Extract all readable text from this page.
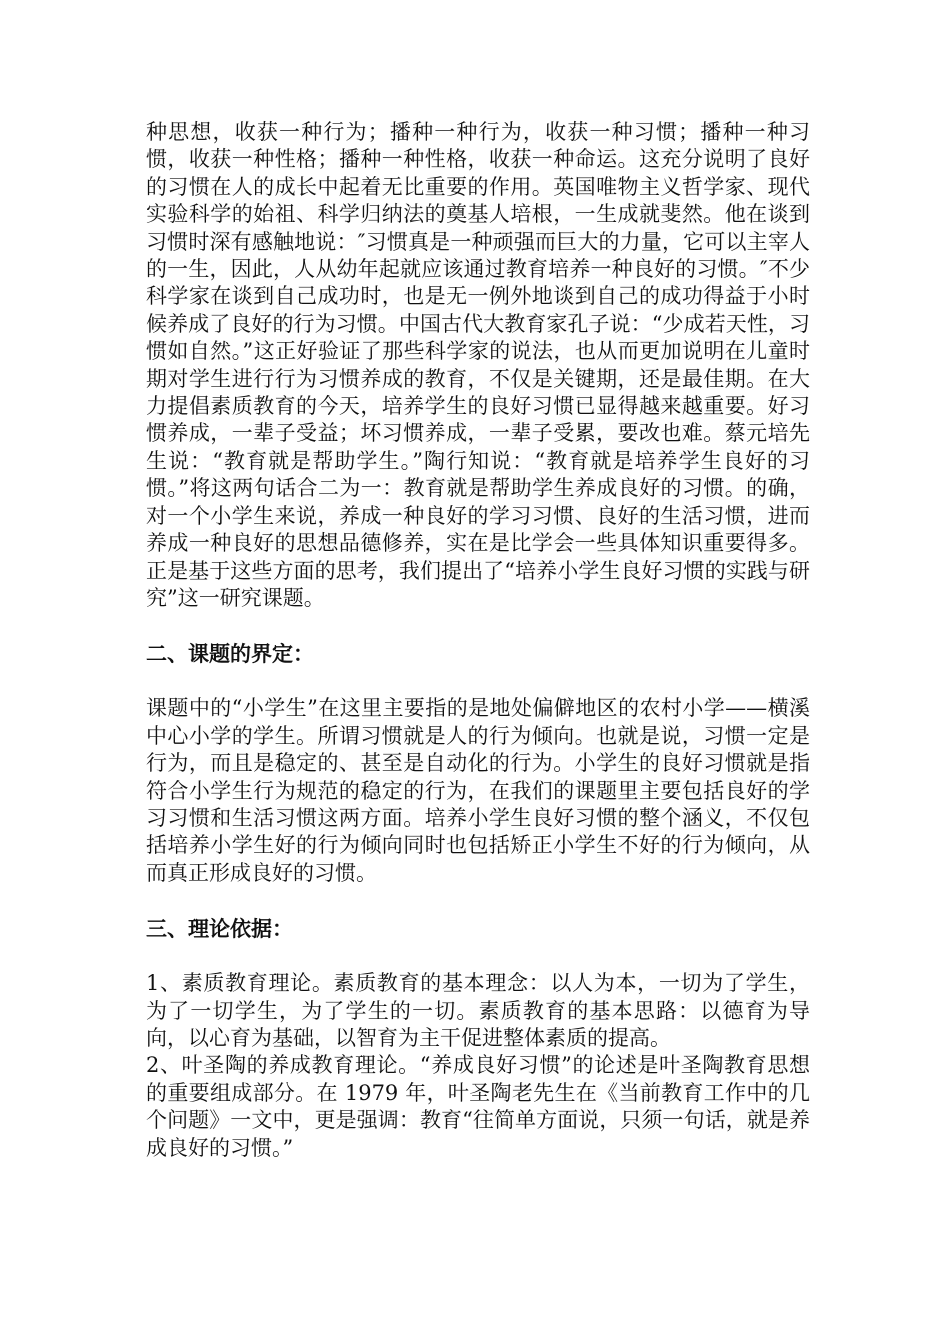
种思想，收获一种行为；播种一种行为，收获一种习惯；播种一种习惯，收获一种性格；播种一种性格，收获一种命运。这充分说明了良好的习惯在人的成长中起着无比重要的作用。英国唯物主义哲学家、现代实验科学的始祖、科学归纳法的奠基人培根，一生成就斐然。他在谈到习惯时深有感触地说：″习惯真是一种顽强而巨大的力量，它可以主宰人的一生，因此，人从幼年起就应该通过教育培养一种良好的习惯。″不少科学家在谈到自己成功时，也是无一例外地谈到自己的成功得益于小时候养成了良好的行为习惯。中国古代大教育家孔子说：“少成若天性，习惯如自然。”这正好验证了那些科学家的说法，也从而更加说明在儿童时期对学生进行行为习惯养成的教育，不仅是关键期，还是最佳期。在大力提倡素质教育的今天，培养学生的良好习惯已显得越来越重要。好习惯养成，一辈子受益；坏习惯养成，一辈子受累，要改也难。蔡元培先生说：“教育就是帮助学生。”陶行知说：“教育就是培养学生良好的习惯。”将这两句话合二为一：教育就是帮助学生养成良好的习惯。的确，对一个小学生来说，养成一种良好的学习习惯、良好的生活习惯，进而养成一种良好的思想品德修养，实在是比学会一些具体知识重要得多。正是基于这些方面的思考，我们提出了“培养小学生良好习惯的实践与研究”这一研究课题。

二、课题的界定：

课题中的“小学生”在这里主要指的是地处偏僻地区的农村小学——横溪中心小学的学生。所谓习惯就是人的行为倾向。也就是说，习惯一定是行为，而且是稳定的、甚至是自动化的行为。小学生的良好习惯就是指符合小学生行为规范的稳定的行为，在我们的课题里主要包括良好的学习习惯和生活习惯这两方面。培养小学生良好习惯的整个涵义，不仅包括培养小学生好的行为倾向同时也包括矫正小学生不好的行为倾向，从而真正形成良好的习惯。

三、理论依据：

1、素质教育理论。素质教育的基本理念：以人为本，一切为了学生，为了一切学生，为了学生的一切。素质教育的基本思路：以德育为导向，以心育为基础，以智育为主干促进整体素质的提高。

2、叶圣陶的养成教育理论。“养成良好习惯”的论述是叶圣陶教育思想的重要组成部分。在 1979 年，叶圣陶老先生在《当前教育工作中的几个问题》一文中，更是强调：教育“往简单方面说，只须一句话，就是养成良好的习惯。”
